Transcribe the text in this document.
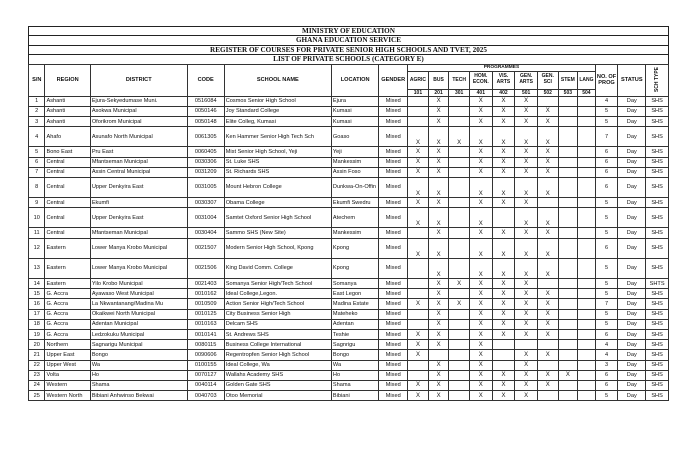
MINISTRY OF EDUCATION
GHANA EDUCATION SERVICE
REGISTER OF COURSES FOR PRIVATE SENIOR HIGH SCHOOLS AND TVET, 2025
LIST OF PRIVATE SCHOOLS (CATEGORY E)
S/N	REGION	DISTRICT	CODE	SCHOOL NAME	LOCATION	GENDER	PROGRAMMES									NO. OF PROG	STATUS	SCH TYPE
							AGRIC	BUS	TECH	HOM. ECON.	VIS. ARTS	GEN. ARTS	GEN. SCI	STEM	LANG			
							101	201	301	401	402	501	502	503	504			
1	Ashanti	Ejura-Sekyedumase Muni.	0516084	Cosmos Senior High School	Ejura	Mixed		X		X	X	X				4	Day	SHS
2	Ashanti	Asokwa Municipal	0050146	Joy Standard College	Kumasi	Mixed		X		X	X	X	X			5	Day	SHS
3	Ashanti	Oforikrom Municipal	0050148	Elite Colleg, Kumasi	Kumasi	Mixed		X		X	X	X	X			5	Day	SHS
4	Ahafo	Asunafo North Municipal	0061305	Ken Hammer Senior High Tech Sch	Goaso	Mixed	X	X	X	X	X	X	X			7	Day	SHS
5	Bono East	Pru East	0060405	Mist Senior High School, Yeji	Yeji	Mixed	X	X		X	X	X	X			6	Day	SHS
6	Central	Mfantseman Municipal	0030306	St. Luke SHS	Mankessim	Mixed	X	X		X	X	X	X			6	Day	SHS
7	Central	Assin Central Municipal	0031209	St. Richards SHS	Assin Foso	Mixed	X	X		X	X	X	X			6	Day	SHS
8	Central	Upper Denkyira East	0031005	Mount Hebron College	Dunkwa-On-Offin	Mixed	X	X		X	X	X	X			6	Day	SHS
9	Central	Ekumfi	0030307	Obama College	Ekumfi Swedru	Mixed	X	X		X	X	X				5	Day	SHS
10	Central	Upper Denkyira East	0031004	Samtet Oxford Senior High School	Atechem	Mixed	X	X		X		X	X			5	Day	SHS
11	Central	Mfantseman Municipal	0030404	Sammo SHS (New Site)	Mankessim	Mixed		X		X	X	X	X			5	Day	SHS
12	Eastern	Lower Manya Krobo Municipal	0021507	Modern Senior High School, Kpong	Kpong	Mixed	X	X		X	X	X	X			6	Day	SHS
13	Eastern	Lower Manya Krobo Municipal	0021506	King David Comm. College	Kpong	Mixed		X		X	X	X	X			5	Day	SHS
14	Eastern	Yilo Krobo Municipal	0021403	Somanya Senior High/Tech School	Somanya	Mixed		X	X	X	X	X				5	Day	SHTS
15	G. Accra	Ayawaso West Municipal	0010162	Ideal College,Legon.	East Legon	Mixed		X		X	X	X	X			5	Day	SHS
16	G. Accra	La Nkwantanang/Madina Mu	0010509	Action Senior High/Tech School	Madina Estate	Mixed	X	X	X	X	X	X	X			7	Day	SHS
17	G. Accra	Okaikwei North Municipal	0010125	City Business Senior High	Mateheko	Mixed		X		X	X	X	X			5	Day	SHS
18	G. Accra	Adentan Municipal	0010163	Delcam SHS	Adentan	Mixed		X		X	X	X	X			5	Day	SHS
19	G. Accra	Ledzokuku Municipal	0010141	St. Andrews SHS	Teshie	Mixed	X	X		X	X	X	X			6	Day	SHS
20	Northern	Sagnarigu Municipal	0080115	Business College International	Sagnrigu	Mixed	X	X		X						4	Day	SHS
21	Upper East	Bongo	0090606	Regentropfen Senior High School	Bongo	Mixed	X			X		X	X			4	Day	SHS
22	Upper West	Wa	0100155	Ideal College, Wa	Wa	Mixed		X		X		X				3	Day	SHS
23	Volta	Ho	0070127	Wallahs Academy SHS	Ho	Mixed		X		X	X	X	X	X		6	Day	SHS
24	Western	Shama	0040114	Golden Gate SHS	Shama	Mixed	X	X		X	X	X	X			6	Day	SHS
25	Western North	Bibiani Anhwinso Bekwai	0040703	Otoo Memorial	Bibiani	Mixed	X	X		X	X	X				5	Day	SHS
